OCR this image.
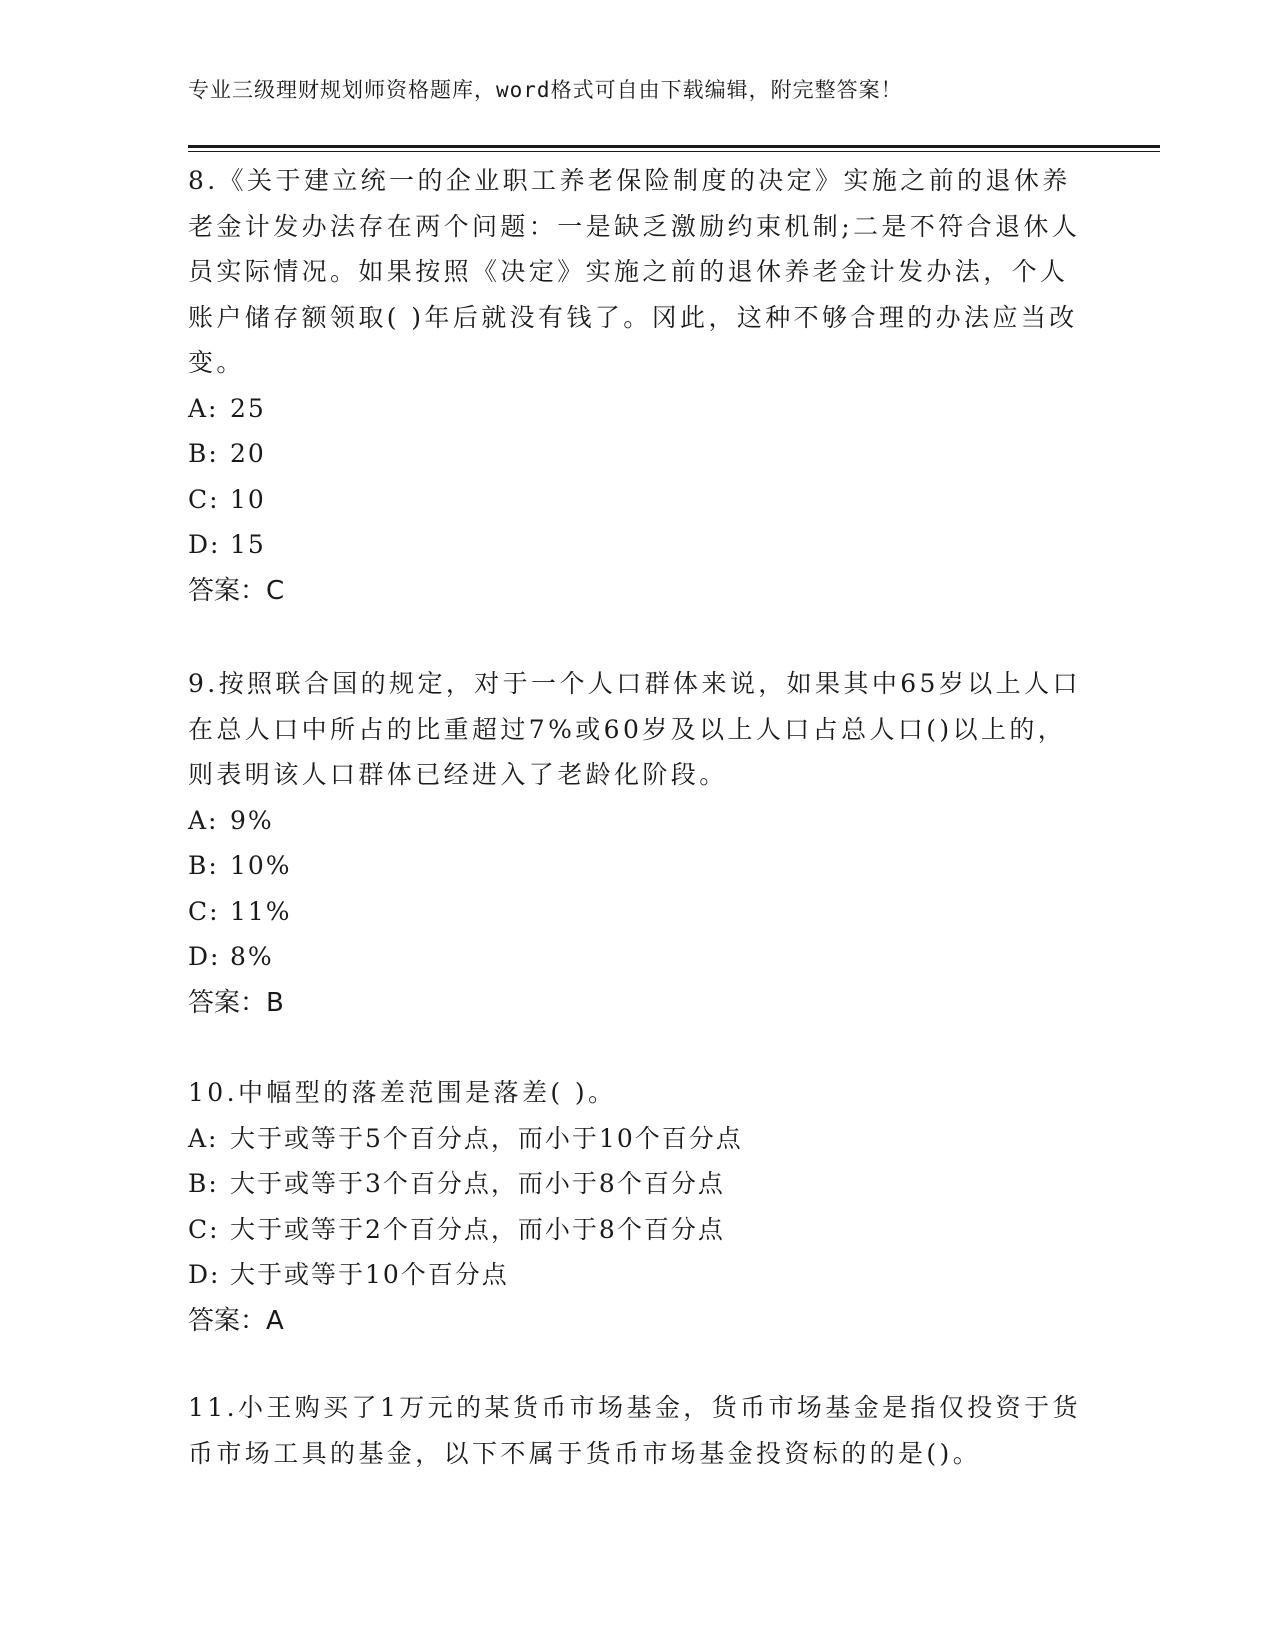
专业三级理财规划师资格题库，word格式可自由下载编辑，附完整答案！

8.《关于建立统一的企业职工养老保险制度的决定》实施之前的退休养老金计发办法存在两个问题：一是缺乏激励约束机制;二是不符合退休人员实际情况。如果按照《决定》实施之前的退休养老金计发办法，个人账户储存额领取( )年后就没有钱了。冈此，这种不够合理的办法应当改变。

A: 25

B: 20

C: 10

D: 15

答案：C

9.按照联合国的规定，对于一个人口群体来说，如果其中65岁以上人口在总人口中所占的比重超过7%或60岁及以上人口占总人口()以上的，则表明该人口群体已经进入了老龄化阶段。

A: 9%

B: 10%

C: 11%

D: 8%

答案：B

10.中幅型的落差范围是落差( )。

A: 大于或等于5个百分点，而小于10个百分点

B: 大于或等于3个百分点，而小于8个百分点

C: 大于或等于2个百分点，而小于8个百分点

D: 大于或等于10个百分点

答案：A

11.小王购买了1万元的某货币市场基金，货币市场基金是指仅投资于货币市场工具的基金，以下不属于货币市场基金投资标的的是()。
